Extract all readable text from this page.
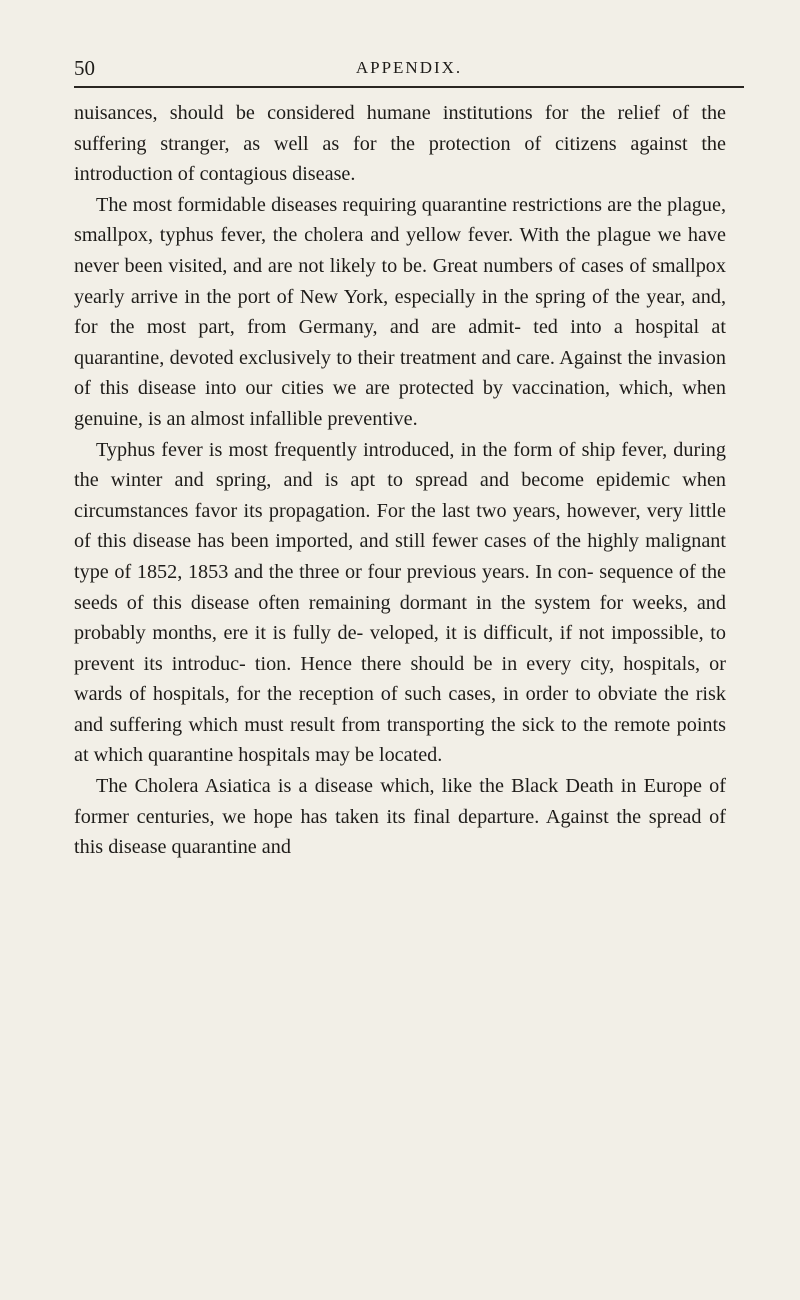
50	APPENDIX.

nuisances, should be considered humane institutions for the relief of the suffering stranger, as well as for the protection of citizens against the introduction of contagious disease.

The most formidable diseases requiring quarantine restrictions are the plague, smallpox, typhus fever, the cholera and yellow fever. With the plague we have never been visited, and are not likely to be. Great numbers of cases of smallpox yearly arrive in the port of New York, especially in the spring of the year, and, for the most part, from Germany, and are admit- ted into a hospital at quarantine, devoted exclusively to their treatment and care. Against the invasion of this disease into our cities we are protected by vaccination, which, when genuine, is an almost infallible preventive.

Typhus fever is most frequently introduced, in the form of ship fever, during the winter and spring, and is apt to spread and become epidemic when circumstances favor its propagation. For the last two years, however, very little of this disease has been imported, and still fewer cases of the highly malignant type of 1852, 1853 and the three or four previous years. In con- sequence of the seeds of this disease often remaining dormant in the system for weeks, and probably months, ere it is fully de- veloped, it is difficult, if not impossible, to prevent its introduc- tion. Hence there should be in every city, hospitals, or wards of hospitals, for the reception of such cases, in order to obviate the risk and suffering which must result from transporting the sick to the remote points at which quarantine hospitals may be located.

The Cholera Asiatica is a disease which, like the Black Death in Europe of former centuries, we hope has taken its final departure. Against the spread of this disease quarantine and
